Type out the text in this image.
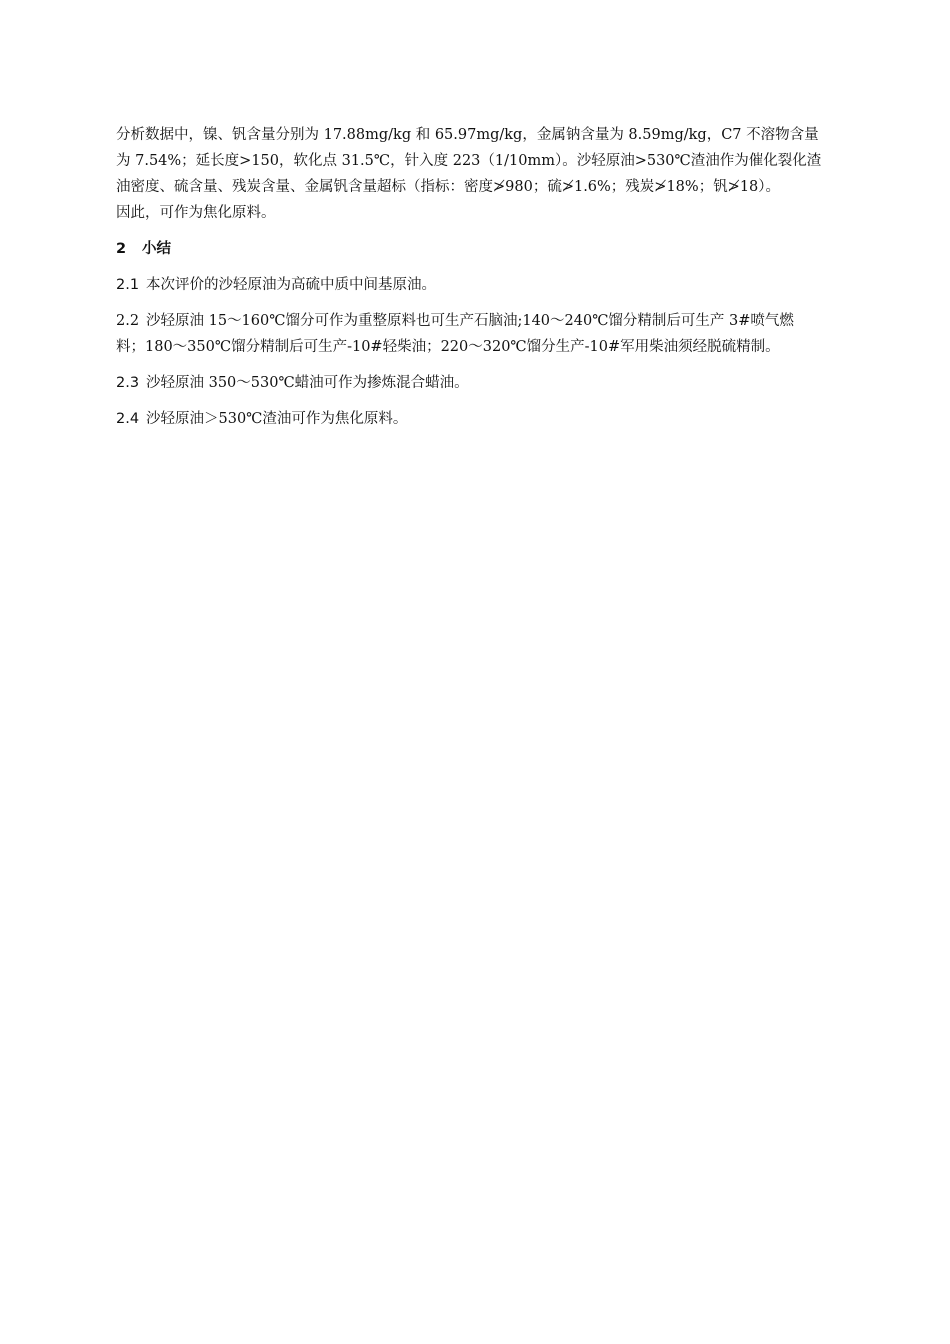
分析数据中，镍、钒含量分别为 17.88mg/kg 和 65.97mg/kg，金属钠含量为 8.59mg/kg，C7 不溶物含量
为 7.54%；延长度>150，软化点 31.5℃，针入度 223（1/10mm）。沙轻原油>530℃渣油作为催化裂化渣
油密度、硫含量、残炭含量、金属钒含量超标（指标：密度≯980；硫≯1.6%；残炭≯18%；钒≯18）。
因此，可作为焦化原料。
2 小结
2.1 本次评价的沙轻原油为高硫中质中间基原油。
2.2 沙轻原油 15～160℃馏分可作为重整原料也可生产石脑油;140～240℃馏分精制后可生产 3#喷气燃
料；180～350℃馏分精制后可生产-10#轻柴油；220～320℃馏分生产-10#军用柴油须经脱硫精制。
2.3 沙轻原油 350～530℃蜡油可作为掺炼混合蜡油。
2.4 沙轻原油＞530℃渣油可作为焦化原料。
